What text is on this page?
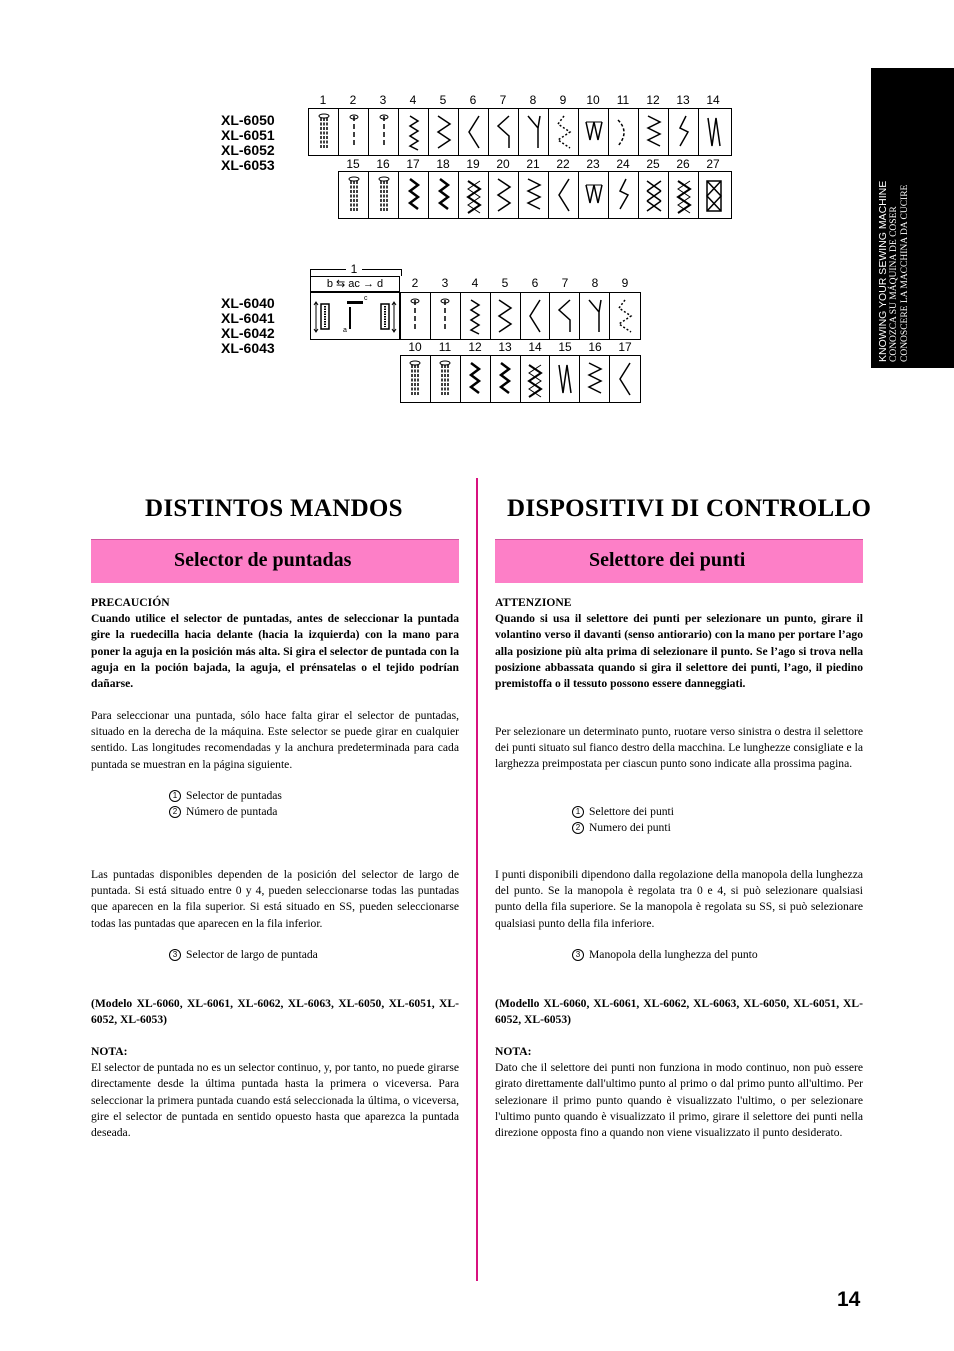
KNOWING YOUR SEWING MACHINE CONOZCA SU MÁQUINA DE COSER CONOSCERE LA MACCHINA DA CUCIRE
XL-6050
XL-6051
XL-6052
XL-6053
1	2	3	4	5	6	7	8	9	10	11	12	13	14
15	16	17	18	19	20	21	22	23	24	25	26	27
XL-6040
XL-6041
XL-6042
XL-6043
1
b ⇆ ac → d
a
c
2	3	4	5	6	7	8	9
10	11	12	13	14	15	16	17
DISTINTOS MANDOS
Selector de puntadas

PRECAUCIÓN

Cuando utilice el selector de puntadas, antes de seleccionar la puntada gire la ruedecilla hacia delante (hacia la izquierda) con la mano para poner la aguja en la posición más alta. Si gira el selector de puntada con la aguja en la poción bajada, la aguja, el prénsatelas o el tejido podrían dañarse.

Para seleccionar una puntada, sólo hace falta girar el selector de puntadas, situado en la derecha de la máquina. Este selector se puede girar en cualquier sentido. Las longitudes recomendadas y la anchura predeterminada para cada puntada se muestran en la página siguiente.

1 Selector de puntadas
2 Número de puntada

Las puntadas disponibles dependen de la posición del selector de largo de puntada. Si está situado entre 0 y 4, pueden seleccionarse todas las puntadas que aparecen en la fila superior. Si está situado en SS, pueden seleccionarse todas las puntadas que aparecen en la fila inferior.

3 Selector de largo de puntada
(Modelo XL-6060, XL-6061, XL-6062, XL-6063, XL-6050, XL-6051, XL-6052, XL-6053)

NOTA:

El selector de puntada no es un selector continuo, y, por tanto, no puede girarse directamente desde la última puntada hasta la primera o viceversa. Para seleccionar la primera puntada cuando está seleccionada la última, o viceversa, gire el selector de puntada en sentido opuesto hasta que aparezca la puntada deseada.

DISPOSITIVI DI CONTROLLO
Selettore dei punti

ATTENZIONE

Quando si usa il selettore dei punti per selezionare un punto, girare il volantino verso il davanti (senso antiorario) con la mano per portare l’ago alla posizione più alta prima di selezionare il punto. Se l’ago si trova nella posizione abbassata quando si gira il selettore dei punti, l’ago, il piedino premistoffa o il tessuto possono essere danneggiati.

Per selezionare un determinato punto, ruotare verso sinistra o destra il selettore dei punti situato sul fianco destro della macchina. Le lunghezze consigliate e la larghezza preimpostata per ciascun punto sono indicate alla prossima pagina.

1 Selettore dei punti
2 Numero dei punti

I punti disponibili dipendono dalla regolazione della manopola della lunghezza del punto. Se la manopola è regolata tra 0 e 4, si può selezionare qualsiasi punto della fila superiore. Se la manopola è regolata su SS, si può selezionare qualsiasi punto della fila inferiore.

3 Manopola della lunghezza del punto
(Modello XL-6060, XL-6061, XL-6062, XL-6063, XL-6050, XL-6051, XL-6052, XL-6053)

NOTA:

Dato che il selettore dei punti non funziona in modo continuo, non può essere girato direttamente dall'ultimo punto al primo o dal primo punto all'ultimo. Per selezionare il primo punto quando è visualizzato l'ultimo, o per selezionare l'ultimo punto quando è visualizzato il primo, girare il selettore dei punti nella direzione opposta fino a quando non viene visualizzato il punto desiderato.

14
